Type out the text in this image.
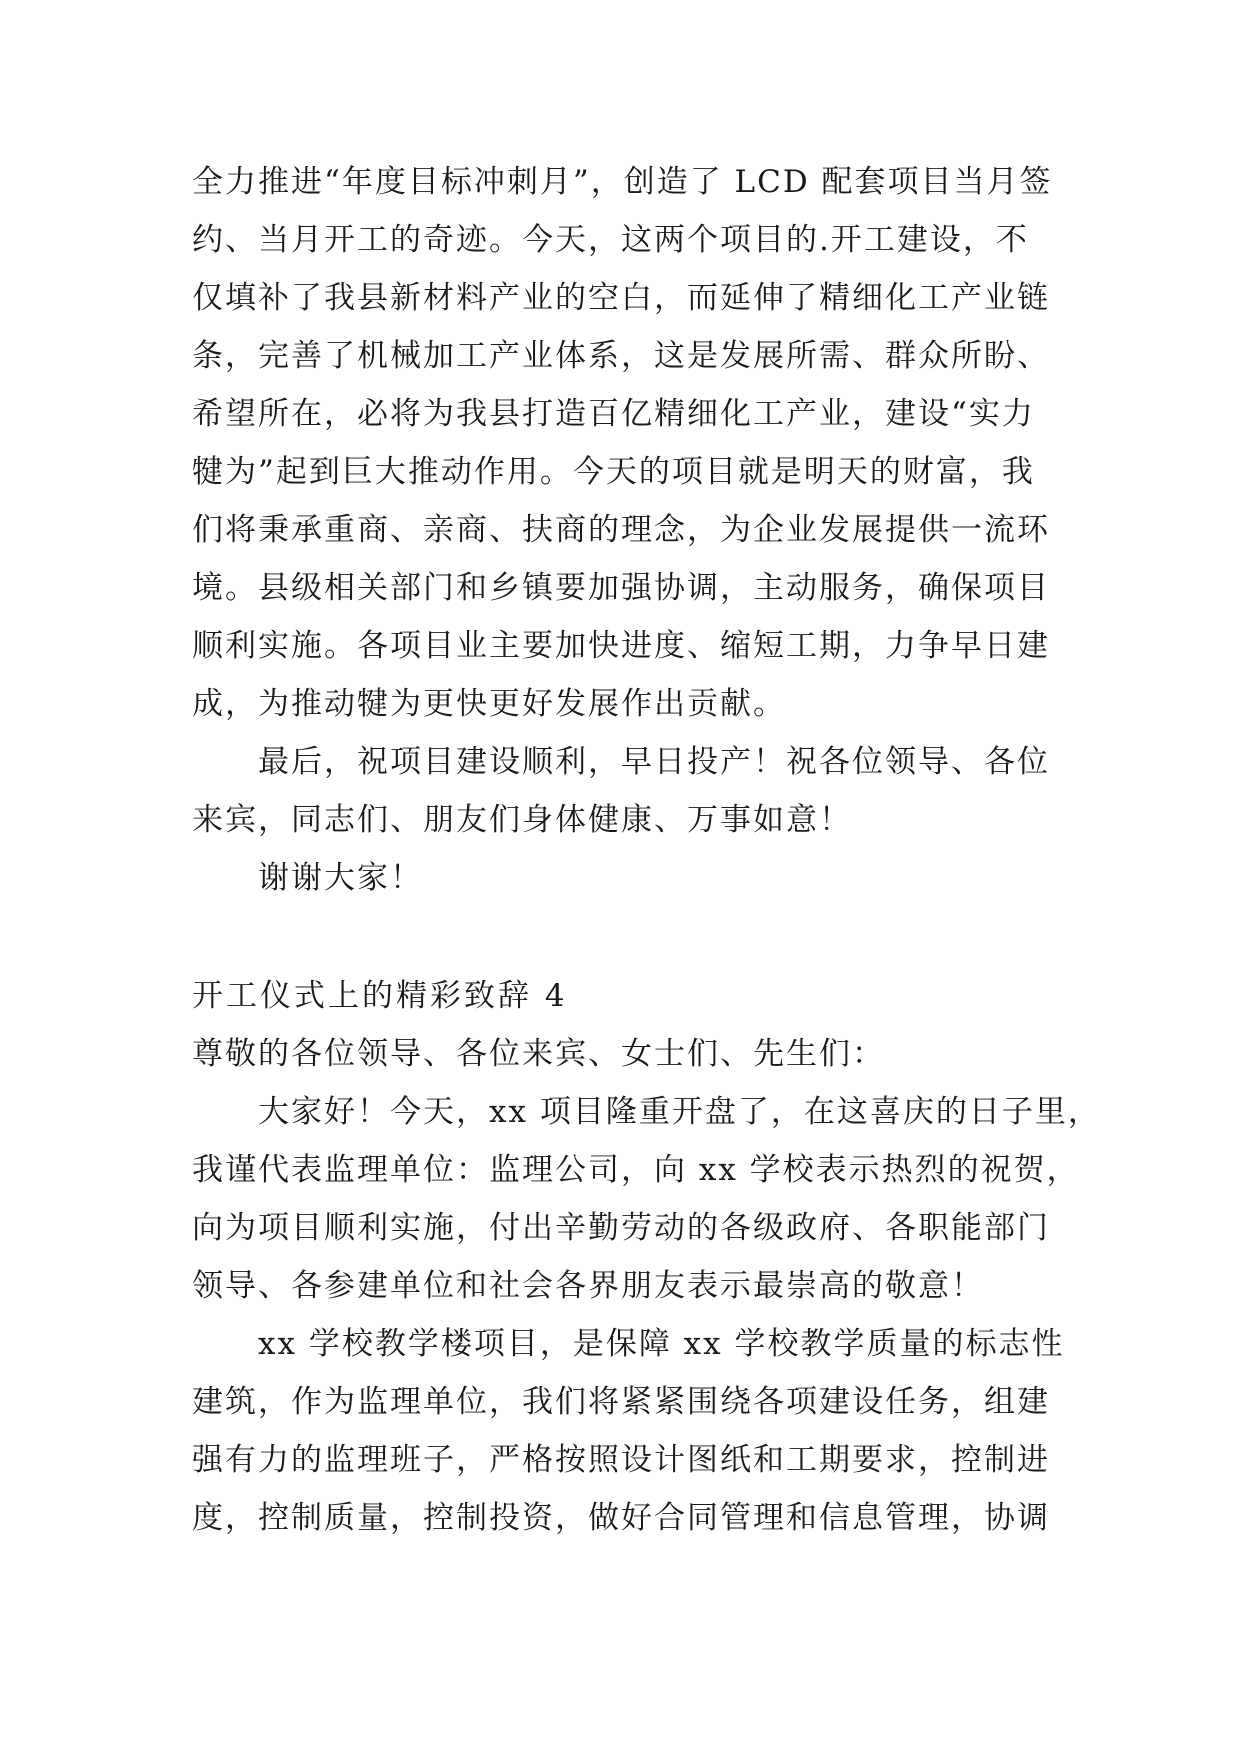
全力推进“年度目标冲刺月”，创造了 LCD 配套项目当月签
约、当月开工的奇迹。今天，这两个项目的.开工建设，不
仅填补了我县新材料产业的空白，而延伸了精细化工产业链
条，完善了机械加工产业体系，这是发展所需、群众所盼、
希望所在，必将为我县打造百亿精细化工产业，建设“实力
犍为”起到巨大推动作用。今天的项目就是明天的财富，我
们将秉承重商、亲商、扶商的理念，为企业发展提供一流环
境。县级相关部门和乡镇要加强协调，主动服务，确保项目
顺利实施。各项目业主要加快进度、缩短工期，力争早日建
成，为推动犍为更快更好发展作出贡献。
最后，祝项目建设顺利，早日投产！祝各位领导、各位
来宾，同志们、朋友们身体健康、万事如意！
谢谢大家！
开工仪式上的精彩致辞 4
尊敬的各位领导、各位来宾、女士们、先生们：
大家好！今天，xx 项目隆重开盘了，在这喜庆的日子里，
我谨代表监理单位：监理公司，向 xx 学校表示热烈的祝贺，
向为项目顺利实施，付出辛勤劳动的各级政府、各职能部门
领导、各参建单位和社会各界朋友表示最崇高的敬意！
xx 学校教学楼项目，是保障 xx 学校教学质量的标志性
建筑，作为监理单位，我们将紧紧围绕各项建设任务，组建
强有力的监理班子，严格按照设计图纸和工期要求，控制进
度，控制质量，控制投资，做好合同管理和信息管理，协调
